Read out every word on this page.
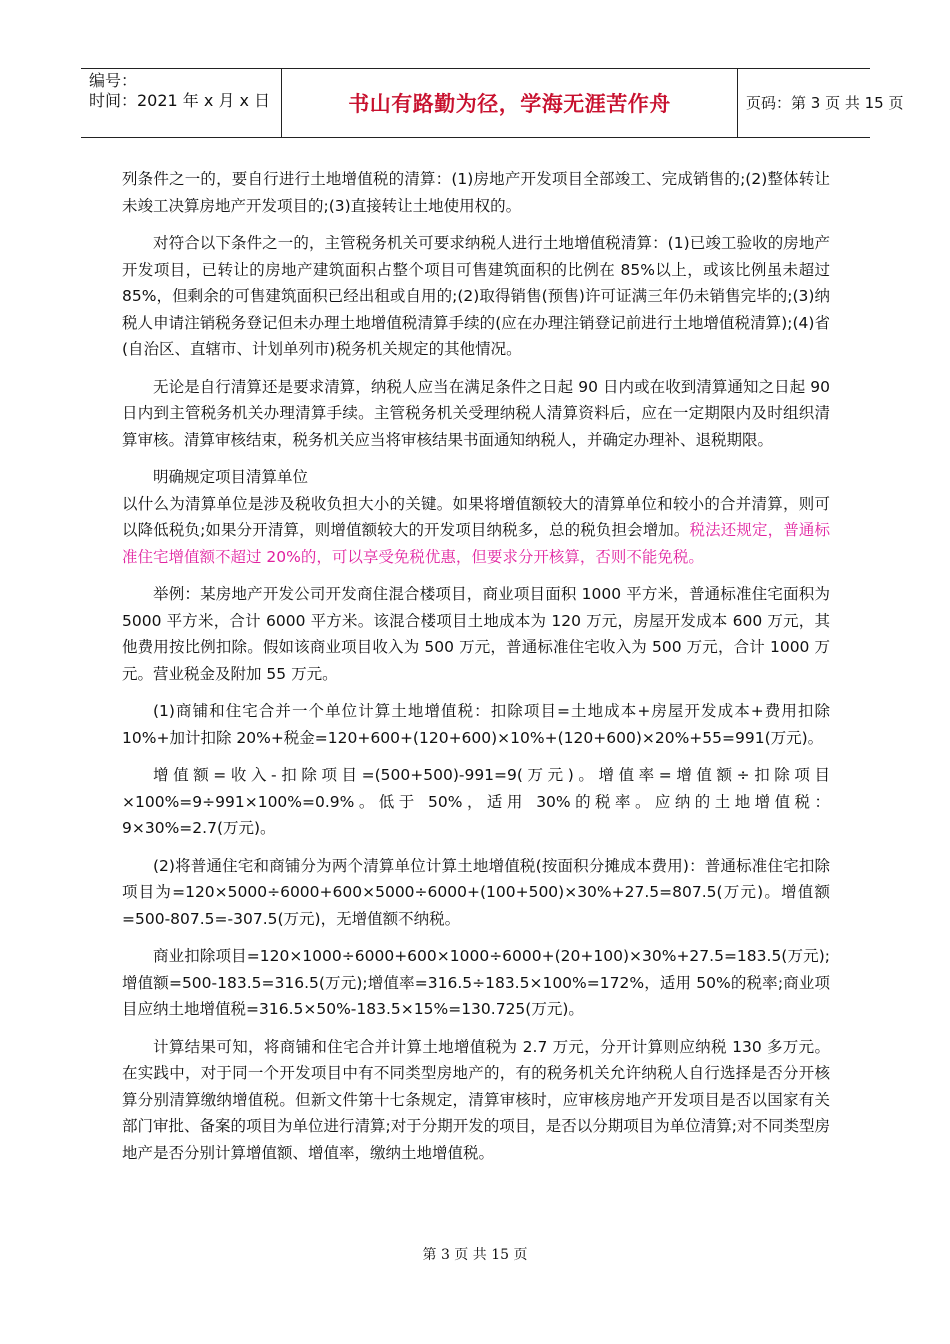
编号：
时间：2021 年 x 月 x 日	书山有路勤为径，学海无涯苦作舟	页码：第 3 页 共 15 页

列条件之一的，要自行进行土地增值税的清算：(1)房地产开发项目全部竣工、完成销售的;(2)整体转让未竣工决算房地产开发项目的;(3)直接转让土地使用权的。

对符合以下条件之一的，主管税务机关可要求纳税人进行土地增值税清算：(1)已竣工验收的房地产开发项目，已转让的房地产建筑面积占整个项目可售建筑面积的比例在 85%以上，或该比例虽未超过 85%，但剩余的可售建筑面积已经出租或自用的;(2)取得销售(预售)许可证满三年仍未销售完毕的;(3)纳税人申请注销税务登记但未办理土地增值税清算手续的(应在办理注销登记前进行土地增值税清算);(4)省(自治区、直辖市、计划单列市)税务机关规定的其他情况。

无论是自行清算还是要求清算，纳税人应当在满足条件之日起 90 日内或在收到清算通知之日起 90 日内到主管税务机关办理清算手续。主管税务机关受理纳税人清算资料后，应在一定期限内及时组织清算审核。清算审核结束，税务机关应当将审核结果书面通知纳税人，并确定办理补、退税期限。

明确规定项目清算单位

以什么为清算单位是涉及税收负担大小的关键。如果将增值额较大的清算单位和较小的合并清算，则可以降低税负;如果分开清算，则增值额较大的开发项目纳税多，总的税负担会增加。税法还规定，普通标准住宅增值额不超过 20%的，可以享受免税优惠，但要求分开核算，否则不能免税。

举例：某房地产开发公司开发商住混合楼项目，商业项目面积 1000 平方米，普通标准住宅面积为 5000 平方米，合计 6000 平方米。该混合楼项目土地成本为 120 万元，房屋开发成本 600 万元，其他费用按比例扣除。假如该商业项目收入为 500 万元，普通标准住宅收入为 500 万元，合计 1000 万元。营业税金及附加 55 万元。

(1)商铺和住宅合并一个单位计算土地增值税：扣除项目=土地成本+房屋开发成本+费用扣除 10%+加计扣除 20%+税金=120+600+(120+600)×10%+(120+600)×20%+55=991(万元)。

增值额=收入-扣除项目=(500+500)-991=9(万元)。增值率=增值额÷扣除项目×100%=9÷991×100%=0.9%。低于 50%，适用 30%的税率。应纳的土地增值税：9×30%=2.7(万元)。

(2)将普通住宅和商铺分为两个清算单位计算土地增值税(按面积分摊成本费用)：普通标准住宅扣除项目为=120×5000÷6000+600×5000÷6000+(100+500)×30%+27.5=807.5(万元)。增值额=500-807.5=-307.5(万元)，无增值额不纳税。

商业扣除项目=120×1000÷6000+600×1000÷6000+(20+100)×30%+27.5=183.5(万元);增值额=500-183.5=316.5(万元);增值率=316.5÷183.5×100%=172%，适用 50%的税率;商业项目应纳土地增值税=316.5×50%-183.5×15%=130.725(万元)。

计算结果可知，将商铺和住宅合并计算土地增值税为 2.7 万元，分开计算则应纳税 130 多万元。在实践中，对于同一个开发项目中有不同类型房地产的，有的税务机关允许纳税人自行选择是否分开核算分别清算缴纳增值税。但新文件第十七条规定，清算审核时，应审核房地产开发项目是否以国家有关部门审批、备案的项目为单位进行清算;对于分期开发的项目，是否以分期项目为单位清算;对不同类型房地产是否分别计算增值额、增值率，缴纳土地增值税。

第 3 页 共 15 页
